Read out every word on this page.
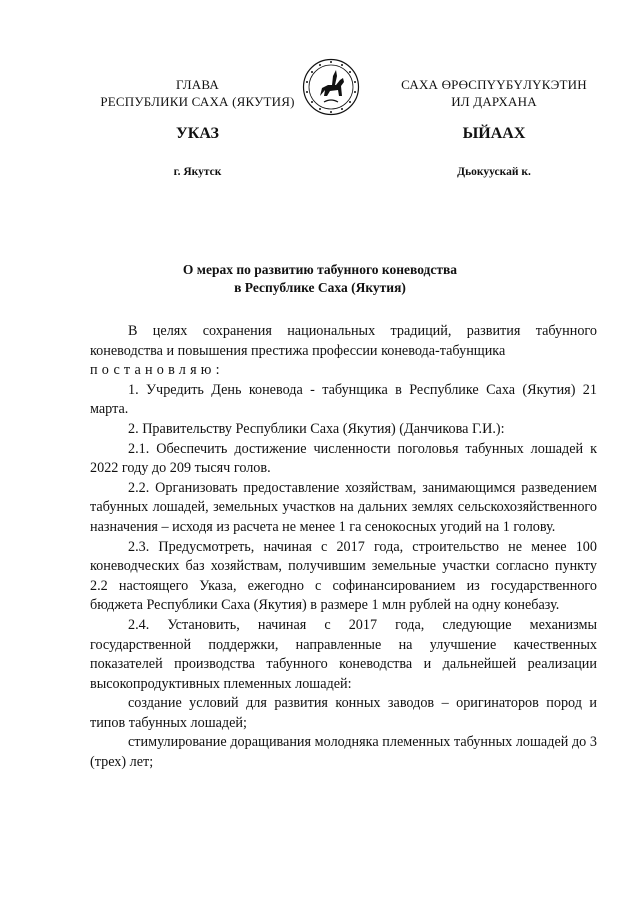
ГЛАВА
РЕСПУБЛИКИ САХА (ЯКУТИЯ)
САХА ӨРӨСПҮҮБҮЛҮКЭТИН
ИЛ ДАРХАНА
УКАЗ	ЫЙААХ
г. Якутск	Дьокуускай к.
О мерах по развитию табунного коневодства
в Республике Саха (Якутия)

В целях сохранения национальных традиций, развития табунного коневодства и повышения престижа профессии коневода-табунщика

постановляю:

1. Учредить День коневода - табунщика в Республике Саха (Якутия) 21 марта.

2. Правительству Республики Саха (Якутия) (Данчикова Г.И.):

2.1. Обеспечить достижение численности поголовья табунных лошадей к 2022 году до 209 тысяч голов.

2.2. Организовать предоставление хозяйствам, занимающимся разведением табунных лошадей, земельных участков на дальних землях сельскохозяйственного назначения – исходя из расчета не менее 1 га сенокосных угодий на 1 голову.

2.3. Предусмотреть, начиная с 2017 года, строительство не менее 100 коневодческих баз хозяйствам, получившим земельные участки согласно пункту 2.2 настоящего Указа, ежегодно с софинансированием из государственного бюджета Республики Саха (Якутия) в размере 1 млн рублей на одну конебазу.

2.4. Установить, начиная с 2017 года, следующие механизмы государственной поддержки, направленные на улучшение качественных показателей производства табунного коневодства и дальнейшей реализации высокопродуктивных племенных лошадей:

создание условий для развития конных заводов – оригинаторов пород и типов табунных лошадей;

стимулирование доращивания молодняка племенных табунных лошадей до 3 (трех) лет;
